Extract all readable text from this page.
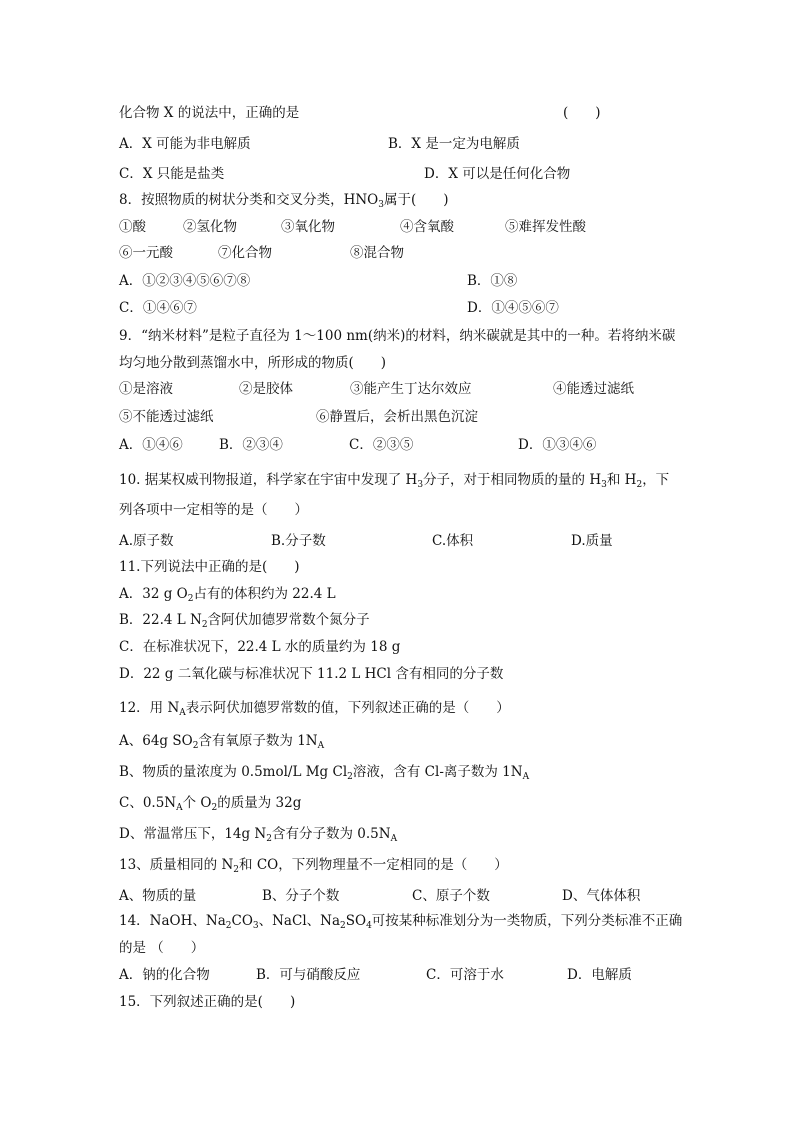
化合物 X 的说法中，正确的是	(　　)
A．X 可能为非电解质	B．X 是一定为电解质
C．X 只能是盐类	D．X 可以是任何化合物
8．按照物质的树状分类和交叉分类，$HNO_3$属于(　　)
①酸	②氢化物	③氧化物	④含氧酸	⑤难挥发性酸
⑥一元酸	⑦化合物	⑧混合物
A．①②③④⑤⑥⑦⑧	B．①⑧
C．①④⑥⑦	D．①④⑤⑥⑦
9．“纳米材料”是粒子直径为 1～100 nm(纳米)的材料，纳米碳就是其中的一种。若将纳米碳
均匀地分散到蒸馏水中，所形成的物质(　　)
①是溶液	②是胶体	③能产生丁达尔效应	④能透过滤纸
⑤不能透过滤纸	⑥静置后，会析出黑色沉淀
A．①④⑥	B．②③④	C．②③⑤	D．①③④⑥
10. 据某权威刊物报道，科学家在宇宙中发现了 $H_3$分子，对于相同物质的量的 $H_3$和 $H_2$，下
列各项中一定相等的是（　　）
A.原子数	B.分子数	C.体积	D.质量
11.下列说法中正确的是(　　)
A．32 g $O_2$占有的体积约为 22.4 L
B．22.4 L $N_2$含阿伏加德罗常数个氮分子
C．在标准状况下，22.4 L 水的质量约为 18 g
D．22 g 二氧化碳与标准状况下 11.2 L HCl 含有相同的分子数
12．用 $N_A$表示阿伏加德罗常数的值，下列叙述正确的是（　　）
A、64g $SO_2$含有氧原子数为 $1N_A$
B、物质的量浓度为 0.5mol/L Mg $Cl_2$溶液，含有 Cl-离子数为 $1N_A$
C、$0.5N_A$个 $O_2$的质量为 32g
D、常温常压下，14g $N_2$含有分子数为 $0.5N_A$
13、质量相同的 $N_2$和 CO，下列物理量不一定相同的是（　　）
A、物质的量	B、分子个数	C、原子个数	D、气体体积
14．NaOH、$Na_2CO_3$、NaCl、$Na_2SO_4$可按某种标准划分为一类物质，下列分类标准不正确
的是 （　　）
A．钠的化合物	B．可与硝酸反应	C．可溶于水	D．电解质
15．下列叙述正确的是(　　)
